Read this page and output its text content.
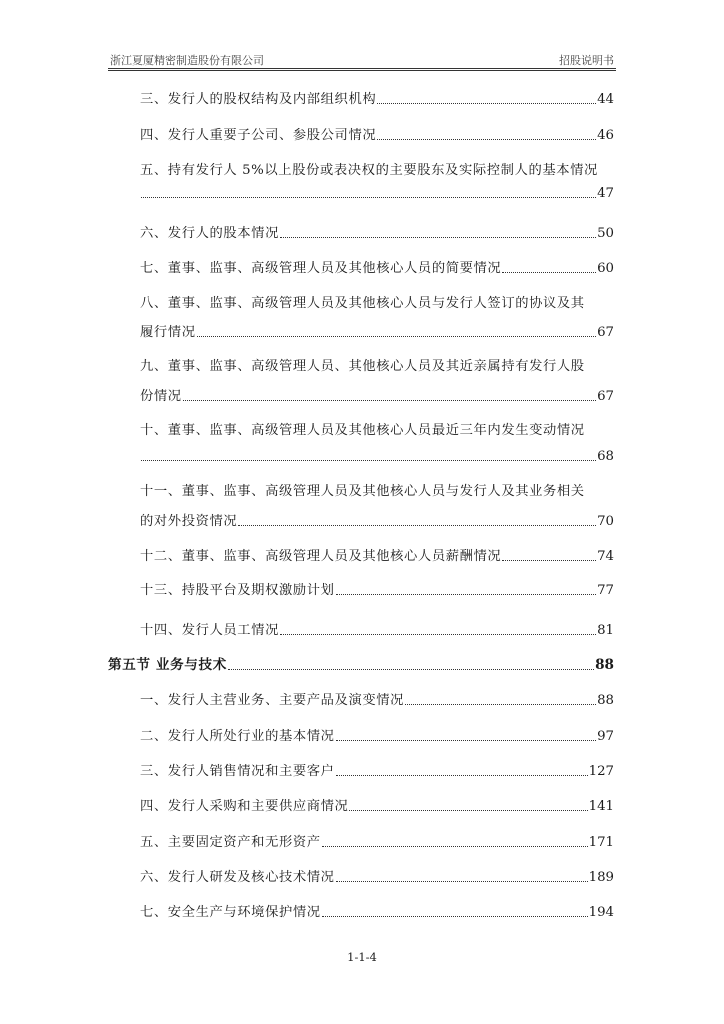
浙江夏厦精密制造股份有限公司	招股说明书
三、发行人的股权结构及内部组织机构	44
四、发行人重要子公司、参股公司情况	46
五、持有发行人 5%以上股份或表决权的主要股东及实际控制人的基本情况
47
六、发行人的股本情况	50
七、董事、监事、高级管理人员及其他核心人员的简要情况	60
八、董事、监事、高级管理人员及其他核心人员与发行人签订的协议及其
履行情况	67
九、董事、监事、高级管理人员、其他核心人员及其近亲属持有发行人股
份情况	67
十、董事、监事、高级管理人员及其他核心人员最近三年内发生变动情况
68
十一、董事、监事、高级管理人员及其他核心人员与发行人及其业务相关
的对外投资情况	70
十二、董事、监事、高级管理人员及其他核心人员薪酬情况	74
十三、持股平台及期权激励计划	77
十四、发行人员工情况	81
第五节 业务与技术	88
一、发行人主营业务、主要产品及演变情况	88
二、发行人所处行业的基本情况	97
三、发行人销售情况和主要客户	127
四、发行人采购和主要供应商情况	141
五、主要固定资产和无形资产	171
六、发行人研发及核心技术情况	189
七、安全生产与环境保护情况	194
1-1-4
